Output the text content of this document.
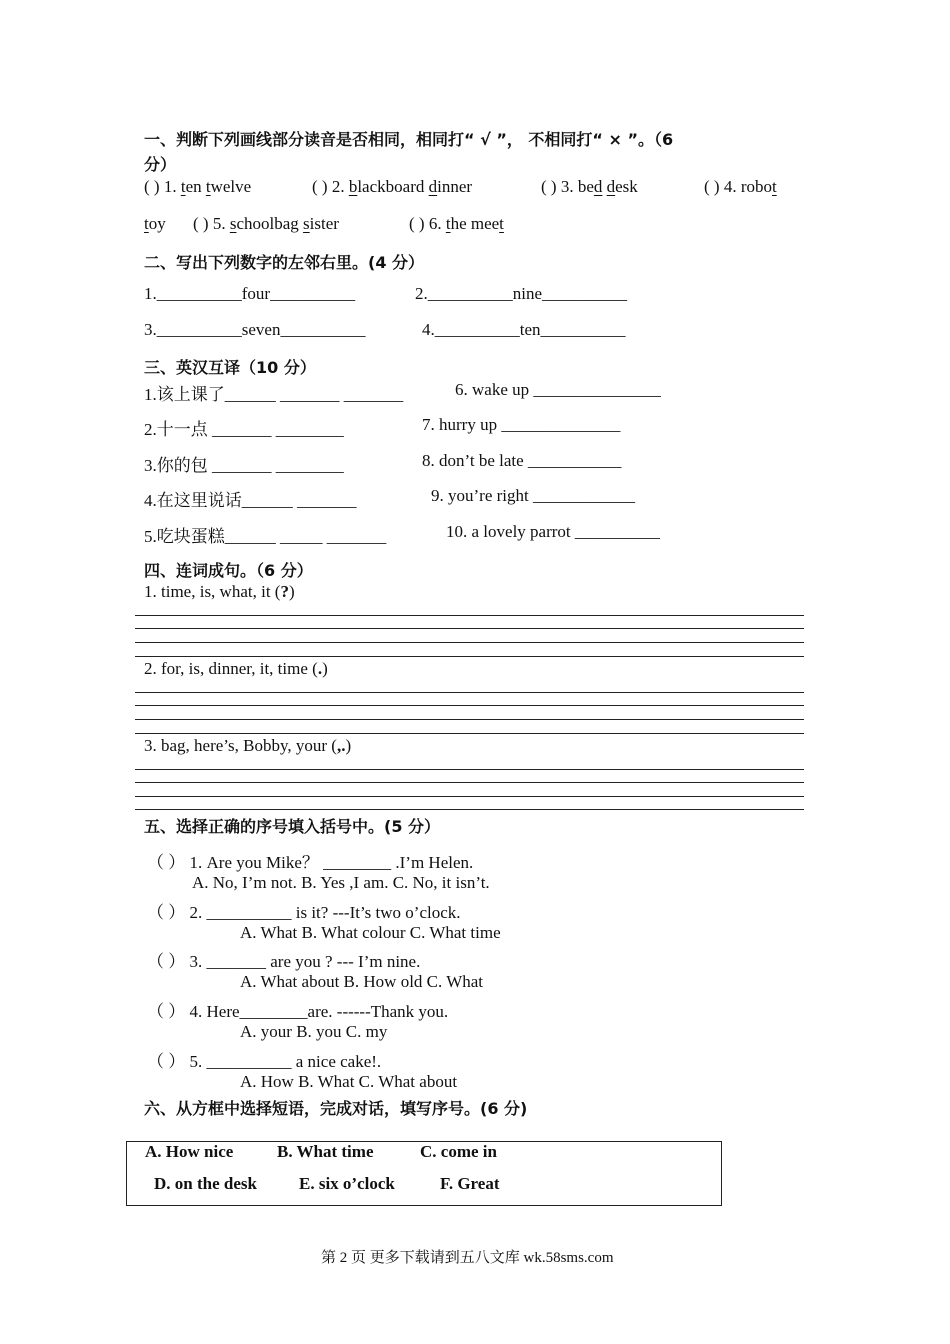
一、判断下列画线部分读音是否相同，相同打“ √ ”， 不相同打“ × ”。（6
分）
( ) 1. ten twelve	( ) 2. blackboard dinner	( ) 3. bed desk	( ) 4. robot
toy ( ) 5. schoolbag sister	( ) 6. the meet
二、写出下列数字的左邻右里。(4 分）
1.__________four__________	2.__________nine__________
3.__________seven__________	4.__________ten__________
三、英汉互译（10 分）
1.该上课了______ _______ _______
2.十一点 _______ ________
3.你的包 _______ ________
4.在这里说话______ _______
5.吃块蛋糕______ _____ _______
6. wake up _______________
7. hurry up ______________
8. don’t be late ___________
9. you’re right ____________
10. a lovely parrot __________
四、连词成句。（6 分）
1. time, is, what, it (?)
2. for, is, dinner, it, time (.)
3. bag, here’s, Bobby, your (,.)
五、选择正确的序号填入括号中。(5 分）
（ ） 1. Are you Mike？ ________ .I’m Helen.
A. No, I’m not. B. Yes ,I am. C. No, it isn’t.
（ ） 2. __________ is it? ---It’s two o’clock.
A. What B. What colour C. What time
（ ） 3. _______ are you ? --- I’m nine.
A. What about B. How old C. What
（ ） 4. Here________are. ------Thank you.
A. your B. you C. my
（ ） 5. __________ a nice cake!.
A. How B. What C. What about
六、从方框中选择短语，完成对话，填写序号。(6 分)
A. How nice	B. What time	C. come in
D. on the desk E. six o’clock	F. Great
第 2 页 更多下载请到五八文库 wk.58sms.com
